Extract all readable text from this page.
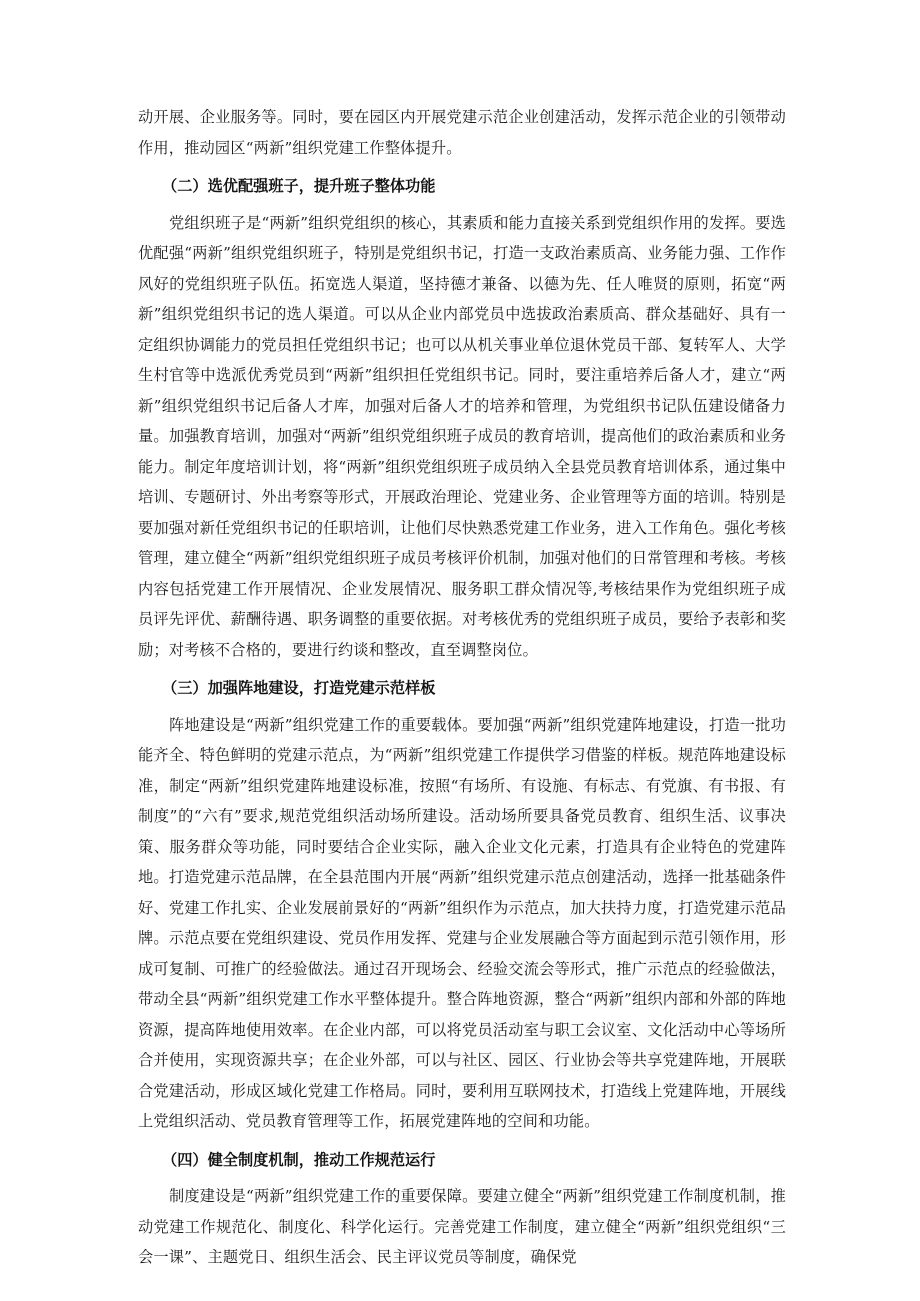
动开展、企业服务等。同时，要在园区内开展党建示范企业创建活动，发挥示范企业的引领带动作用，推动园区“两新”组织党建工作整体提升。

（二）选优配强班子，提升班子整体功能

党组织班子是“两新”组织党组织的核心，其素质和能力直接关系到党组织作用的发挥。要选优配强“两新”组织党组织班子，特别是党组织书记，打造一支政治素质高、业务能力强、工作作风好的党组织班子队伍。拓宽选人渠道，坚持德才兼备、以德为先、任人唯贤的原则，拓宽“两新”组织党组织书记的选人渠道。可以从企业内部党员中选拔政治素质高、群众基础好、具有一定组织协调能力的党员担任党组织书记；也可以从机关事业单位退休党员干部、复转军人、大学生村官等中选派优秀党员到“两新”组织担任党组织书记。同时，要注重培养后备人才，建立“两新”组织党组织书记后备人才库，加强对后备人才的培养和管理，为党组织书记队伍建设储备力量。加强教育培训，加强对“两新”组织党组织班子成员的教育培训，提高他们的政治素质和业务能力。制定年度培训计划，将“两新”组织党组织班子成员纳入全县党员教育培训体系，通过集中培训、专题研讨、外出考察等形式，开展政治理论、党建业务、企业管理等方面的培训。特别是要加强对新任党组织书记的任职培训，让他们尽快熟悉党建工作业务，进入工作角色。强化考核管理，建立健全“两新”组织党组织班子成员考核评价机制，加强对他们的日常管理和考核。考核内容包括党建工作开展情况、企业发展情况、服务职工群众情况等,考核结果作为党组织班子成员评先评优、薪酬待遇、职务调整的重要依据。对考核优秀的党组织班子成员，要给予表彰和奖励；对考核不合格的，要进行约谈和整改，直至调整岗位。

（三）加强阵地建设，打造党建示范样板

阵地建设是“两新”组织党建工作的重要载体。要加强“两新”组织党建阵地建设，打造一批功能齐全、特色鲜明的党建示范点，为“两新”组织党建工作提供学习借鉴的样板。规范阵地建设标准，制定“两新”组织党建阵地建设标准，按照“有场所、有设施、有标志、有党旗、有书报、有制度”的“六有”要求,规范党组织活动场所建设。活动场所要具备党员教育、组织生活、议事决策、服务群众等功能，同时要结合企业实际，融入企业文化元素，打造具有企业特色的党建阵地。打造党建示范品牌，在全县范围内开展“两新”组织党建示范点创建活动，选择一批基础条件好、党建工作扎实、企业发展前景好的“两新”组织作为示范点，加大扶持力度，打造党建示范品牌。示范点要在党组织建设、党员作用发挥、党建与企业发展融合等方面起到示范引领作用，形成可复制、可推广的经验做法。通过召开现场会、经验交流会等形式，推广示范点的经验做法，带动全县“两新”组织党建工作水平整体提升。整合阵地资源，整合“两新”组织内部和外部的阵地资源，提高阵地使用效率。在企业内部，可以将党员活动室与职工会议室、文化活动中心等场所合并使用，实现资源共享；在企业外部，可以与社区、园区、行业协会等共享党建阵地，开展联合党建活动，形成区域化党建工作格局。同时，要利用互联网技术，打造线上党建阵地，开展线上党组织活动、党员教育管理等工作，拓展党建阵地的空间和功能。

（四）健全制度机制，推动工作规范运行

制度建设是“两新”组织党建工作的重要保障。要建立健全“两新”组织党建工作制度机制，推动党建工作规范化、制度化、科学化运行。完善党建工作制度，建立健全“两新”组织党组织“三会一课”、主题党日、组织生活会、民主评议党员等制度，确保党
